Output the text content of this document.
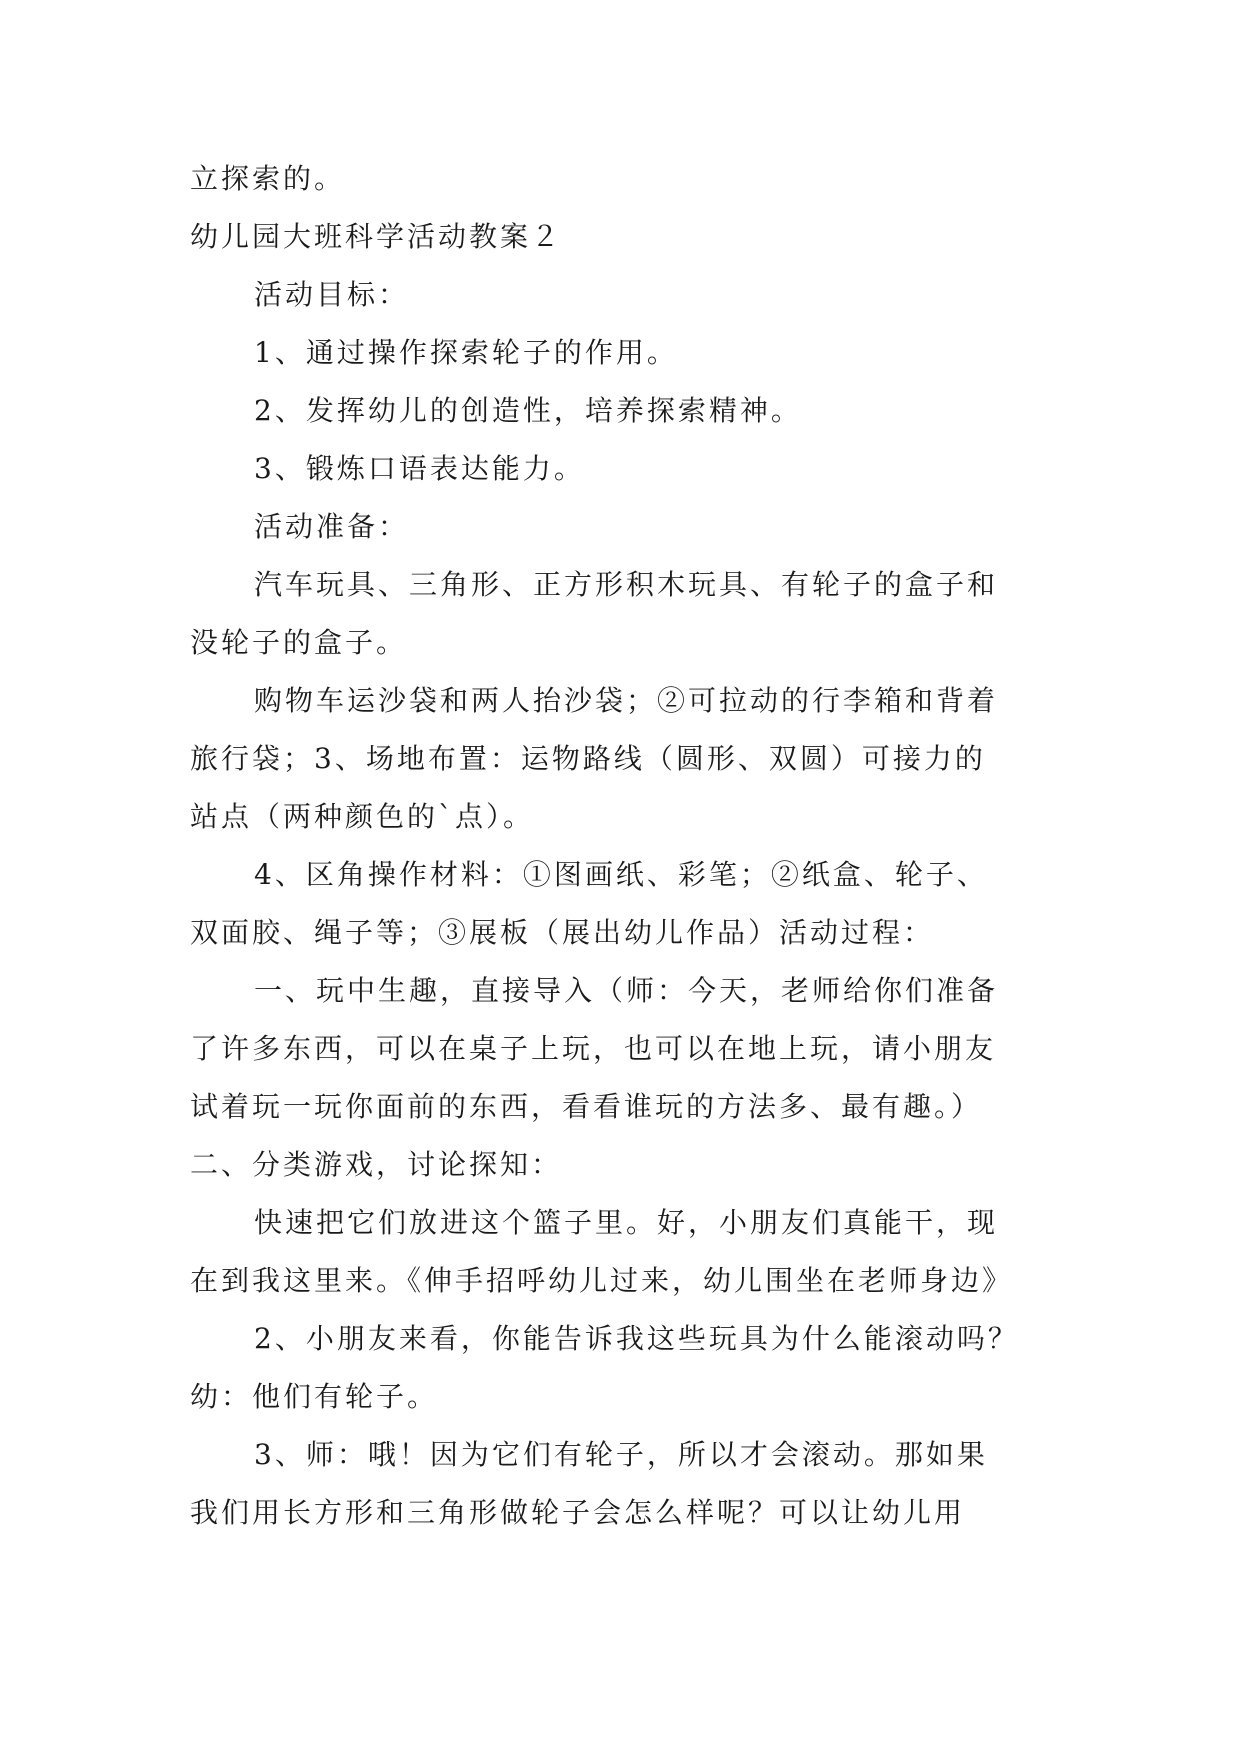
立探索的。

幼儿园大班科学活动教案２

活动目标：

1、通过操作探索轮子的作用。

2、发挥幼儿的创造性，培养探索精神。

3、锻炼口语表达能力。

活动准备：

汽车玩具、三角形、正方形积木玩具、有轮子的盒子和

没轮子的盒子。

购物车运沙袋和两人抬沙袋；②可拉动的行李箱和背着

旅行袋；3、场地布置：运物路线（圆形、双圆）可接力的

站点（两种颜色的`点）。

4、区角操作材料：①图画纸、彩笔；②纸盒、轮子、

双面胶、绳子等；③展板（展出幼儿作品）活动过程：

一、玩中生趣，直接导入（师：今天，老师给你们准备

了许多东西，可以在桌子上玩，也可以在地上玩，请小朋友

试着玩一玩你面前的东西，看看谁玩的方法多、最有趣。）

二、分类游戏，讨论探知：

快速把它们放进这个篮子里。好，小朋友们真能干，现

在到我这里来。《伸手招呼幼儿过来，幼儿围坐在老师身边》

2、小朋友来看，你能告诉我这些玩具为什么能滚动吗？

幼：他们有轮子。

3、师：哦！因为它们有轮子，所以才会滚动。那如果

我们用长方形和三角形做轮子会怎么样呢？可以让幼儿用
